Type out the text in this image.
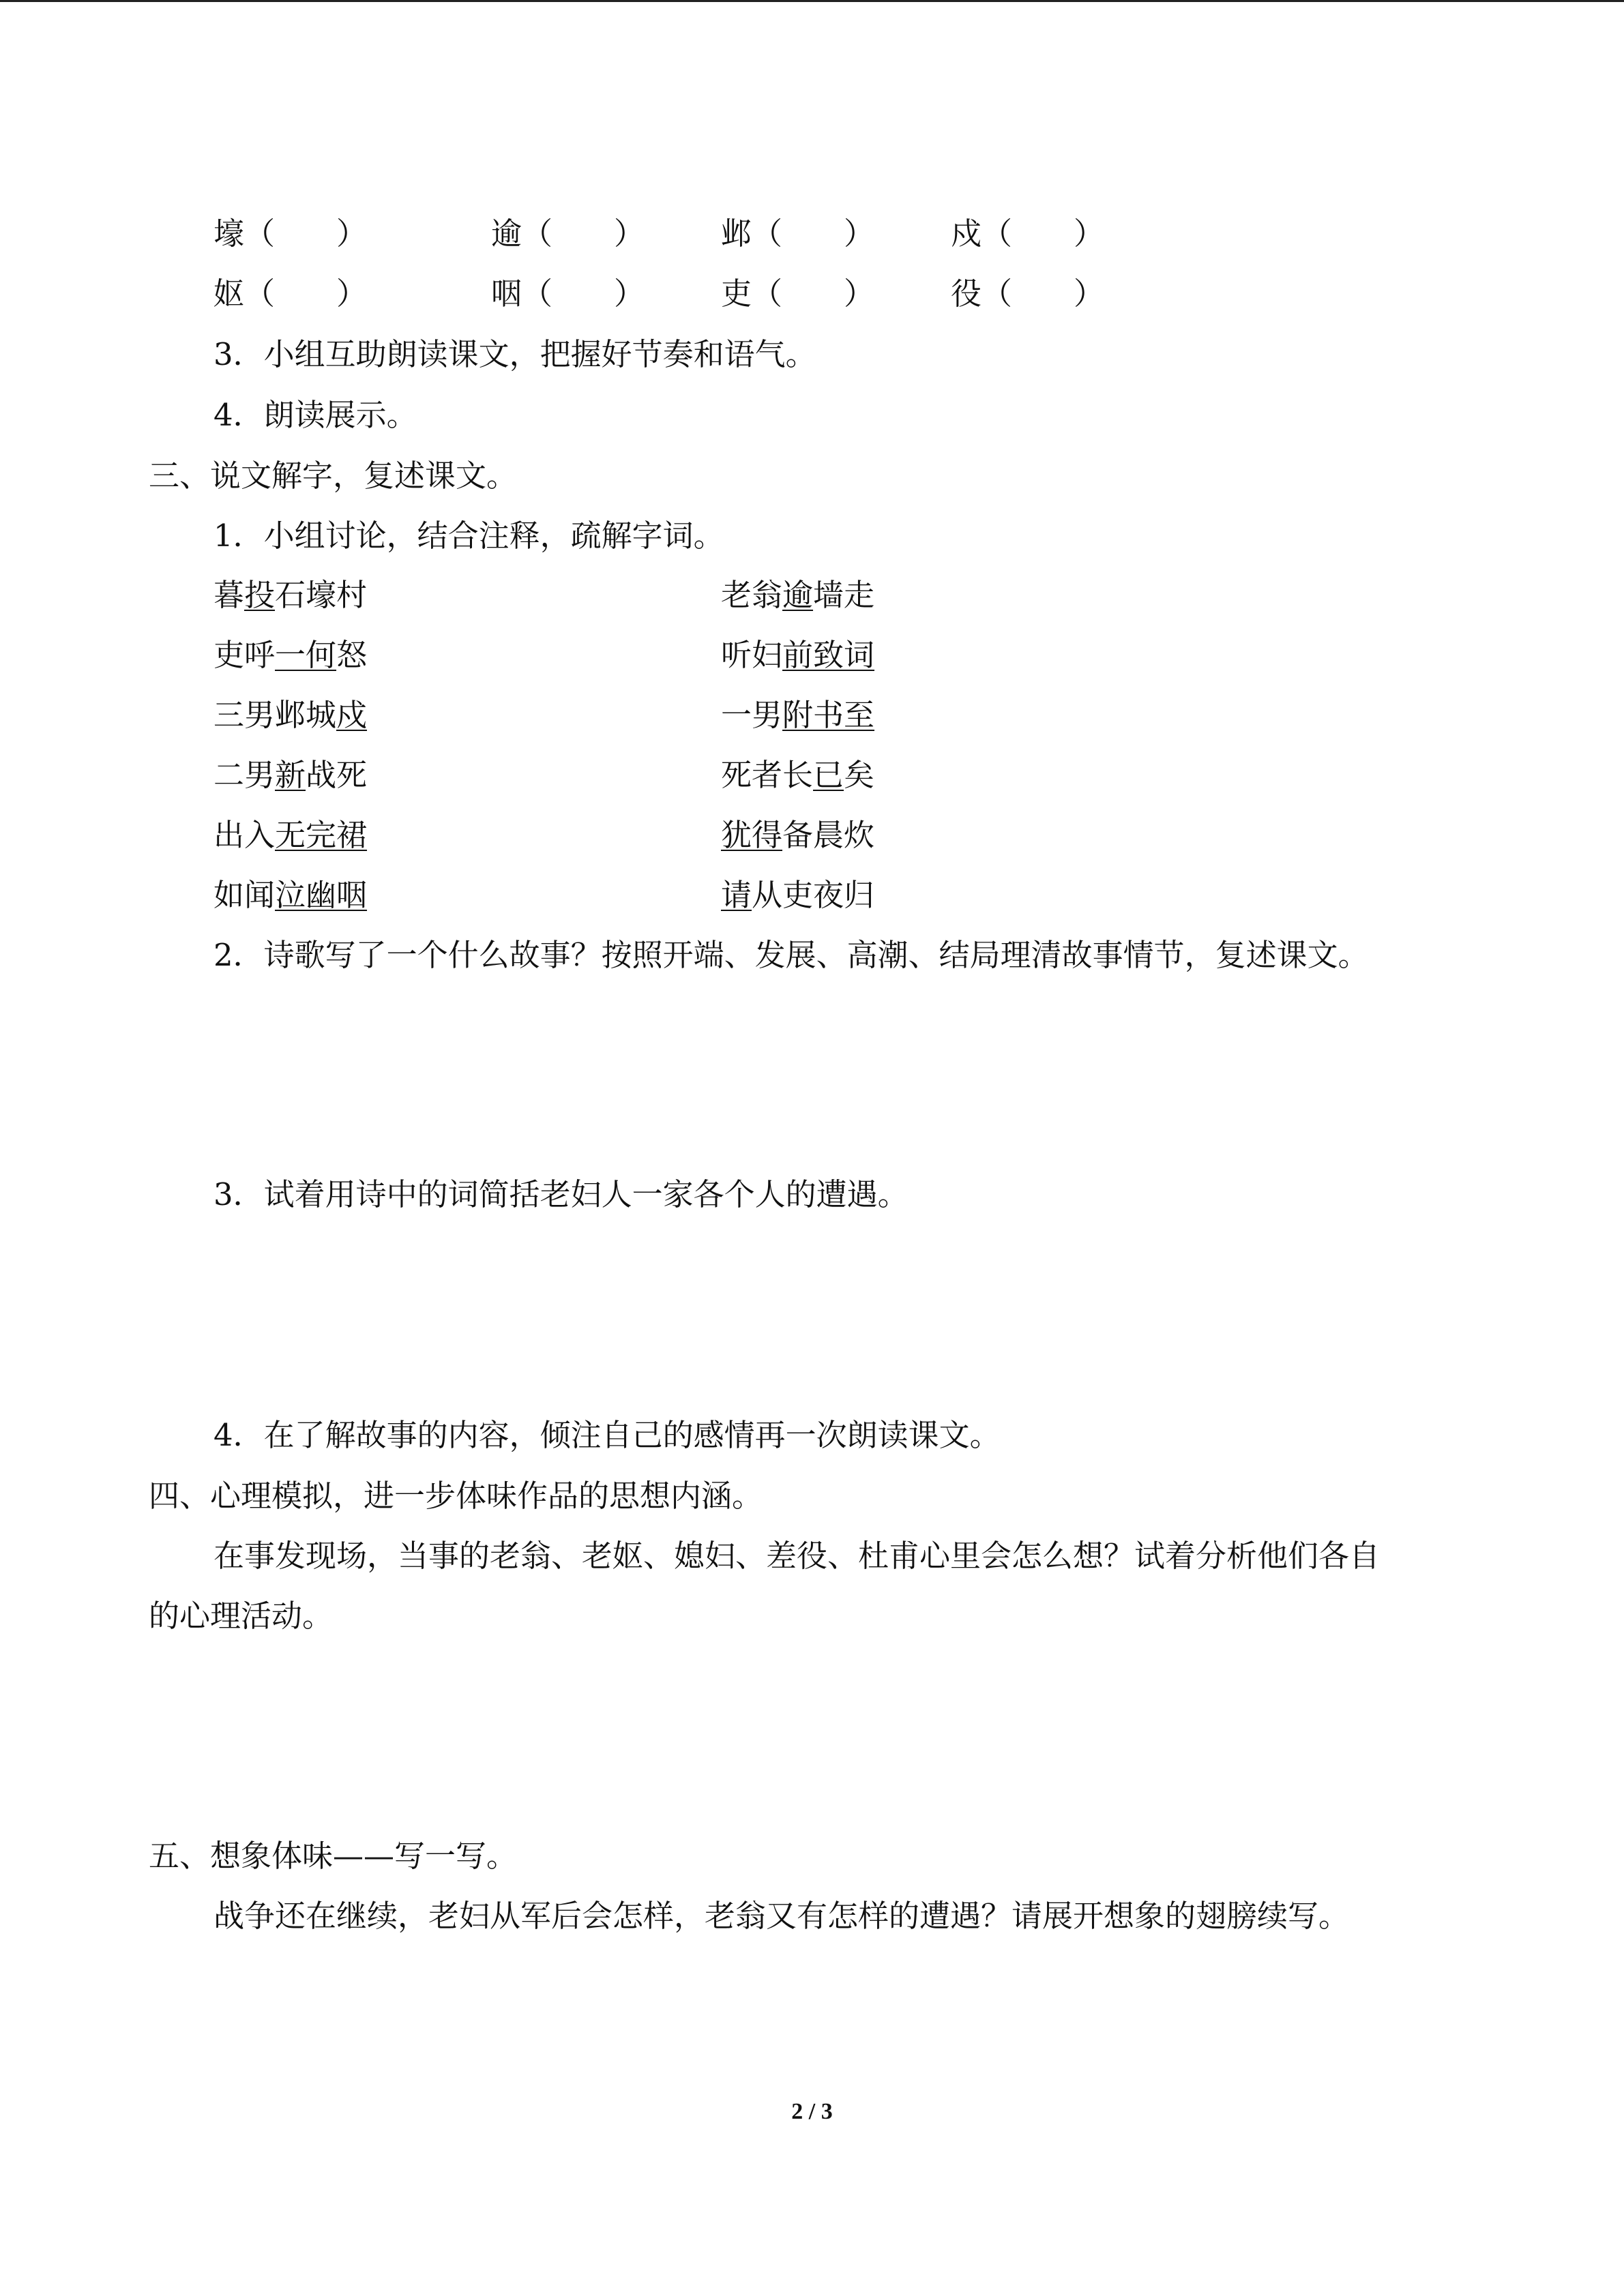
壕（　　）	逾（　　） 邺（　　） 戍（　　）
妪（　　）	咽（　　） 吏（　　） 役（　　）
3．小组互助朗读课文，把握好节奏和语气。
4．朗读展示。
三、说文解字，复述课文。
1．小组讨论，结合注释，疏解字词。
暮投石壕村	老翁逾墙走
吏呼一何怒	听妇前致词
三男邺城戍	一男附书至
二男新战死	死者长已矣
出入无完裙	犹得备晨炊
如闻泣幽咽	请从吏夜归
2．诗歌写了一个什么故事？按照开端、发展、高潮、结局理清故事情节，复述课文。
3．试着用诗中的词简括老妇人一家各个人的遭遇。
4．在了解故事的内容，倾注自己的感情再一次朗读课文。
四、心理模拟，进一步体味作品的思想内涵。
在事发现场，当事的老翁、老妪、媳妇、差役、杜甫心里会怎么想？试着分析他们各自
的心理活动。
五、想象体味——写一写。
战争还在继续，老妇从军后会怎样，老翁又有怎样的遭遇？请展开想象的翅膀续写。
2 / 3
